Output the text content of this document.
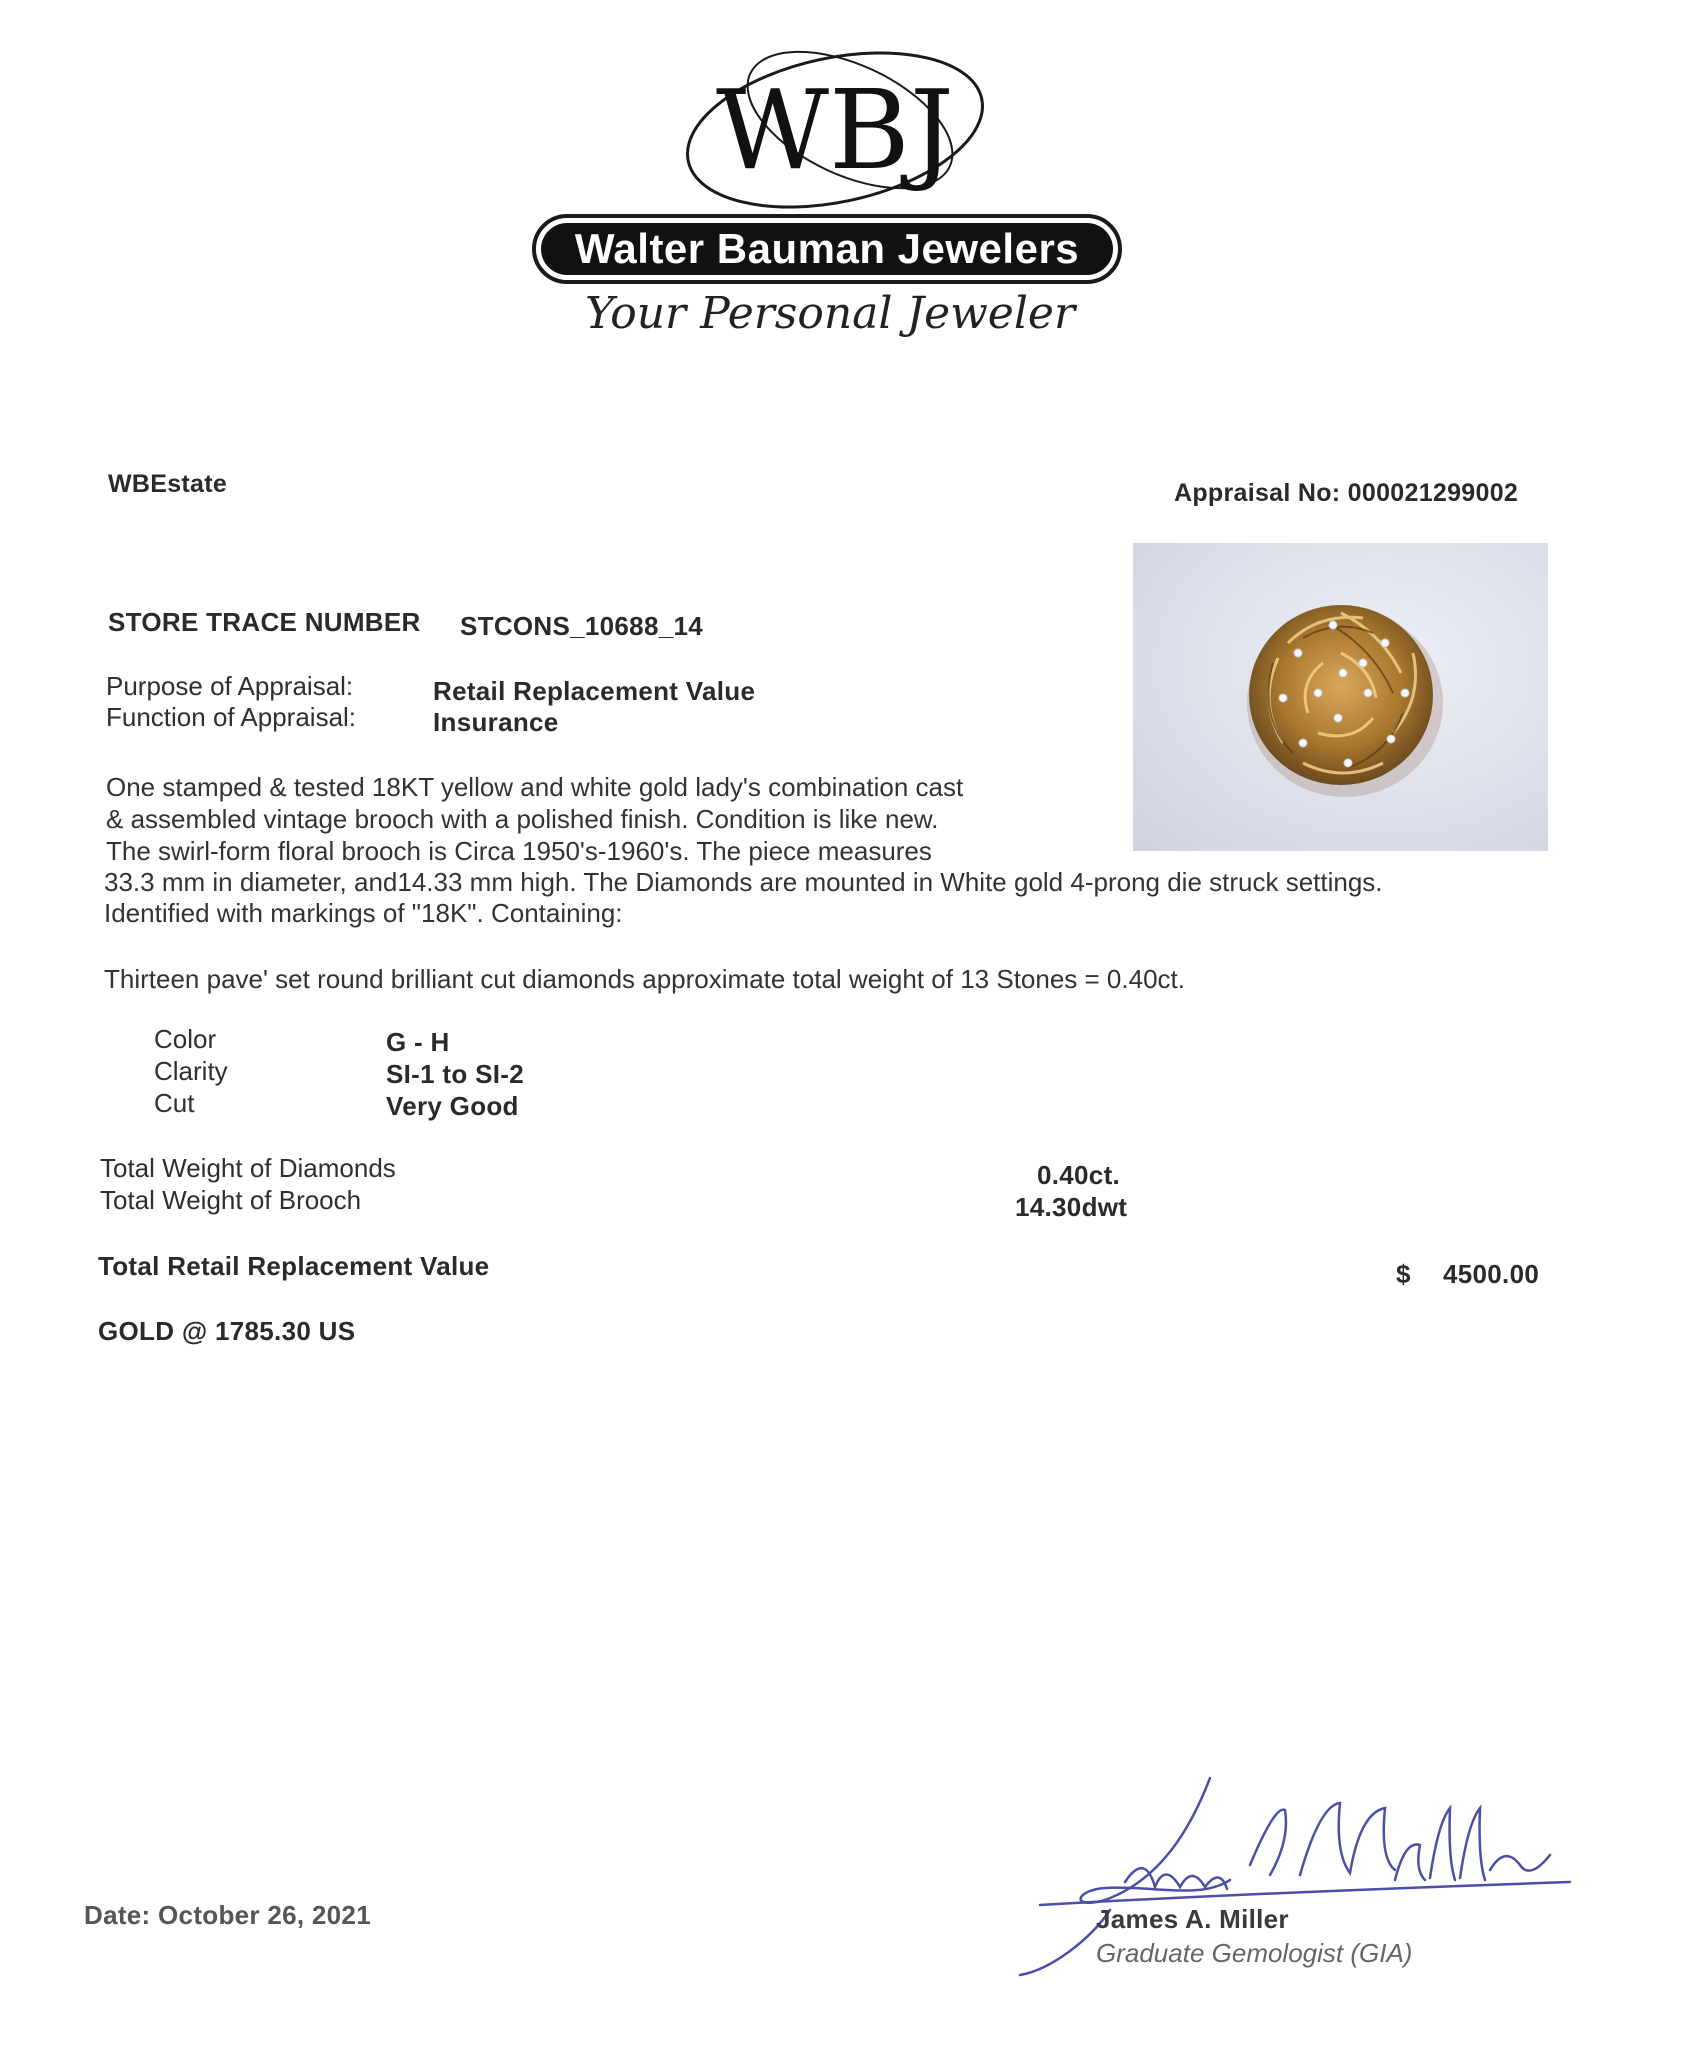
WBJ
Walter Bauman Jewelers
Your Personal Jeweler
WBEstate	Appraisal No: 000021299002
STORE TRACE NUMBER STCONS_10688_14
Purpose of Appraisal:	Retail Replacement Value
Function of Appraisal:	Insurance
One stamped & tested 18KT yellow and white gold lady's combination cast
& assembled vintage brooch with a polished finish. Condition is like new.
The swirl-form floral brooch is Circa 1950's-1960's. The piece measures
33.3 mm in diameter, and14.33 mm high. The Diamonds are mounted in White gold 4-prong die struck settings.
Identified with markings of "18K". Containing:
Thirteen pave' set round brilliant cut diamonds approximate total weight of 13 Stones = 0.40ct.
Color	G - H
Clarity	SI-1 to SI-2
Cut	Very Good
Total Weight of Diamonds	0.40ct.
Total Weight of Brooch	14.30dwt
Total Retail Replacement Value	$ 4500.00
GOLD @ 1785.30 US
Date: October 26, 2021	James A. Miller
Graduate Gemologist (GIA)
